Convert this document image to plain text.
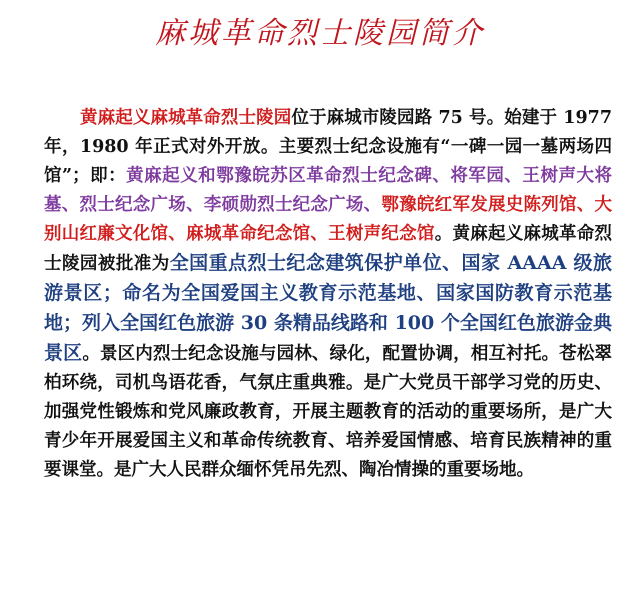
麻城革命烈士陵园简介

黄麻起义麻城革命烈士陵园位于麻城市陵园路 75 号。始建于 1977 年，1980 年正式对外开放。主要烈士纪念设施有“一碑一园一墓两场四馆”；即：黄麻起义和鄂豫皖苏区革命烈士纪念碑、将军园、王树声大将墓、烈士纪念广场、李硕勋烈士纪念广场、鄂豫皖红军发展史陈列馆、大别山红廉文化馆、麻城革命纪念馆、王树声纪念馆。黄麻起义麻城革命烈士陵园被批准为全国重点烈士纪念建筑保护单位、国家 AAAA 级旅游景区；命名为全国爱国主义教育示范基地、国家国防教育示范基地；列入全国红色旅游 30 条精品线路和 100 个全国红色旅游金典景区。景区内烈士纪念设施与园林、绿化，配置协调，相互衬托。苍松翠柏环绕，司机鸟语花香，气氛庄重典雅。是广大党员干部学习党的历史、加强党性锻炼和党风廉政教育，开展主题教育的活动的重要场所，是广大青少年开展爱国主义和革命传统教育、培养爱国情感、培育民族精神的重要课堂。是广大人民群众缅怀凭吊先烈、陶冶情操的重要场地。
